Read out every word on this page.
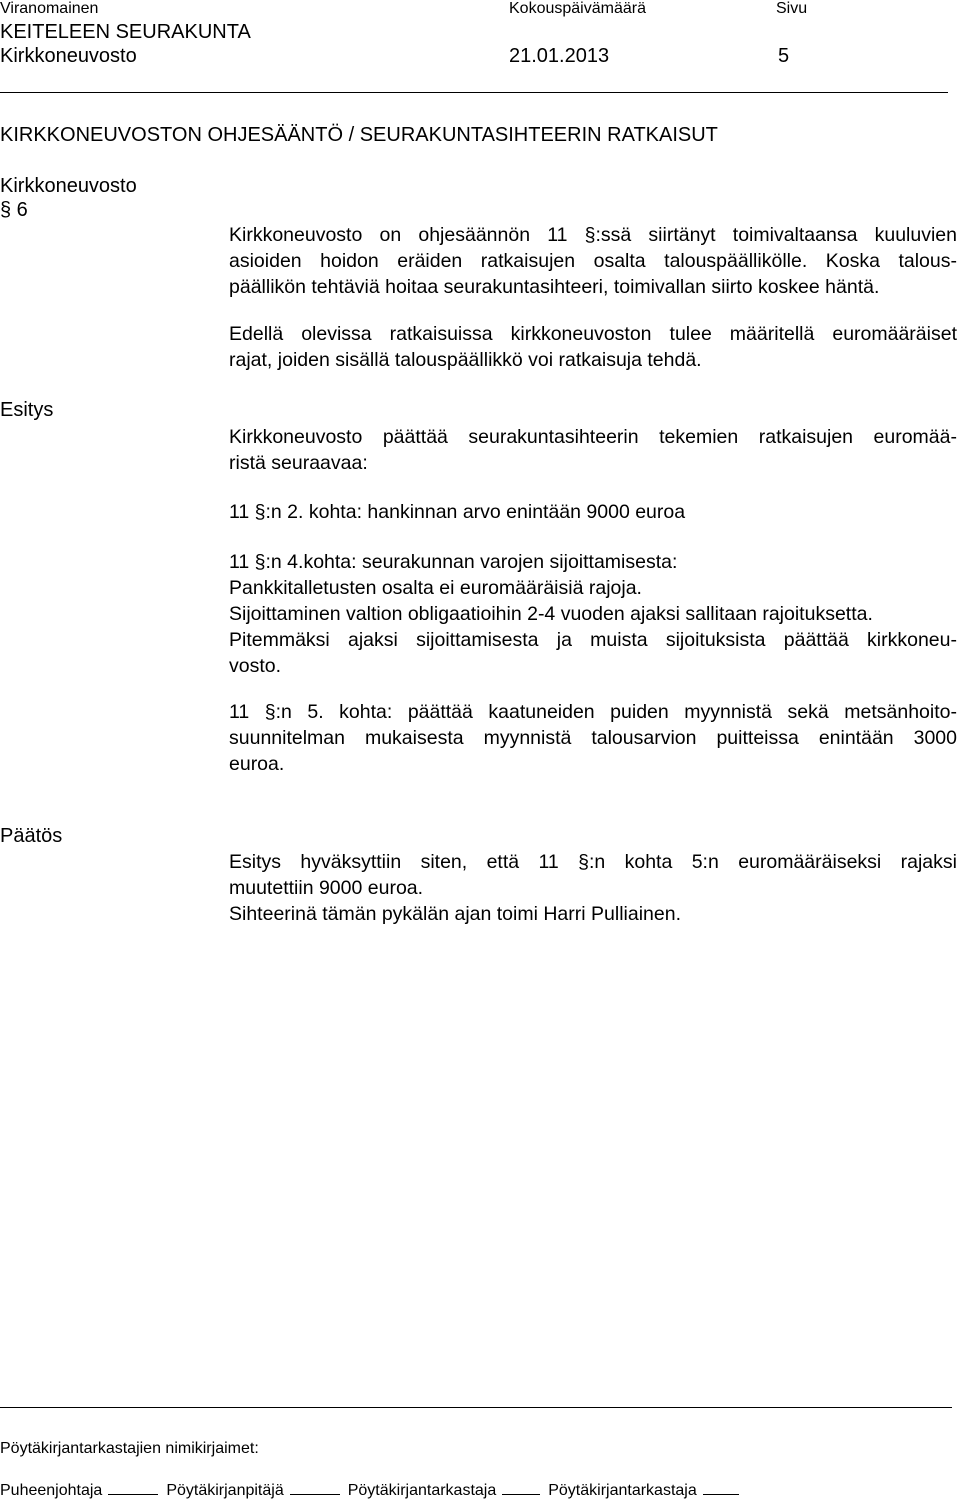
Viranomainen	Kokouspäivämäärä	Sivu
KEITELEEN SEURAKUNTA
Kirkkoneuvosto	21.01.2013	5
KIRKKONEUVOSTON OHJESÄÄNTÖ / SEURAKUNTASIHTEERIN RATKAISUT
Kirkkoneuvosto
§ 6
Kirkkoneuvosto on ohjesäännön 11 §:ssä siirtänyt toimivaltaansa kuuluvien
asioiden hoidon eräiden ratkaisujen osalta talouspäällikölle. Koska talous-
päällikön tehtäviä hoitaa seurakuntasihteeri, toimivallan siirto koskee häntä.
Edellä olevissa ratkaisuissa kirkkoneuvoston tulee määritellä euromääräiset
rajat, joiden sisällä talouspäällikkö voi ratkaisuja tehdä.
Esitys
Kirkkoneuvosto päättää seurakuntasihteerin tekemien ratkaisujen euromää-
ristä seuraavaa:
11 §:n 2. kohta: hankinnan arvo enintään 9000 euroa
11 §:n 4.kohta: seurakunnan varojen sijoittamisesta:
Pankkitalletusten osalta ei euromääräisiä rajoja.
Sijoittaminen valtion obligaatioihin 2-4 vuoden ajaksi sallitaan rajoituksetta.
Pitemmäksi ajaksi sijoittamisesta ja muista sijoituksista päättää kirkkoneu-
vosto.
11 §:n 5. kohta: päättää kaatuneiden puiden myynnistä sekä metsänhoito-
suunnitelman mukaisesta myynnistä talousarvion puitteissa enintään 3000
euroa.
Päätös
Esitys hyväksyttiin siten, että 11 §:n kohta 5:n euromääräiseksi rajaksi
muutettiin 9000 euroa.
Sihteerinä tämän pykälän ajan toimi Harri Pulliainen.
Pöytäkirjantarkastajien nimikirjaimet:
Puheenjohtaja	Pöytäkirjanpitäjä	Pöytäkirjantarkastaja	Pöytäkirjantarkastaja
